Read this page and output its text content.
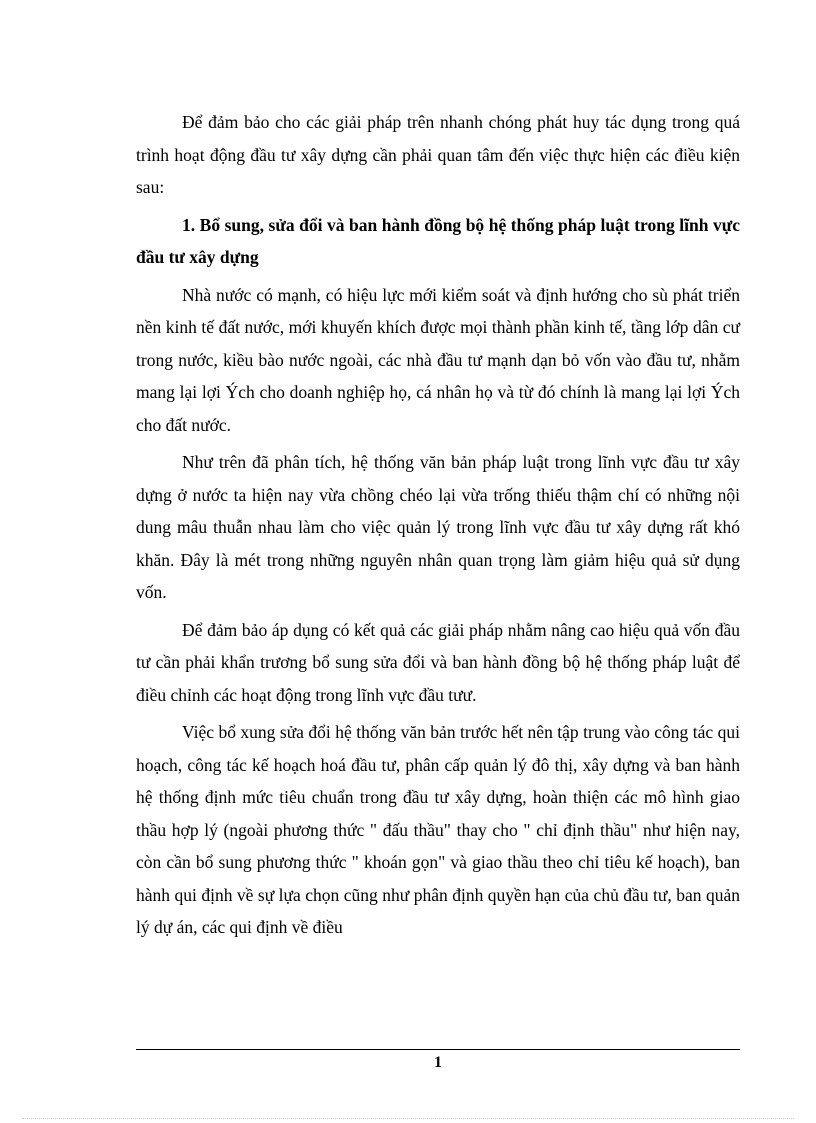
Để đảm bảo cho các giải pháp trên nhanh chóng phát huy tác dụng trong quá trình hoạt động đầu tư xây dựng cần phải quan tâm đến việc thực hiện các điều kiện sau:

1. Bổ sung, sửa đổi và ban hành đồng bộ hệ thống pháp luật trong lĩnh vực đầu tư xây dựng

Nhà nước có mạnh, có hiệu lực mới kiểm soát và định hướng cho sù phát triển nền kinh tế đất nước, mới khuyến khích được mọi thành phần kinh tế, tầng lớp dân cư trong nước, kiều bào nước ngoài, các nhà đầu tư mạnh dạn bỏ vốn vào đầu tư, nhằm mang lại lợi Ých cho doanh nghiệp họ, cá nhân họ và từ đó chính là mang lại lợi Ých cho đất nước.

Như trên đã phân tích, hệ thống văn bản pháp luật trong lĩnh vực đầu tư xây dựng ở nước ta hiện nay vừa chồng chéo lại vừa trống thiếu thậm chí có những nội dung mâu thuẫn nhau làm cho việc quản lý trong lĩnh vực đầu tư xây dựng rất khó khăn. Đây là mét trong những nguyên nhân quan trọng làm giảm hiệu quả sử dụng vốn.

Để đảm bảo áp dụng có kết quả các giải pháp nhằm nâng cao hiệu quả vốn đầu tư cần phải khẩn trương bổ sung sửa đổi và ban hành đồng bộ hệ thống pháp luật để điều chỉnh các hoạt động trong lĩnh vực đầu tưư.

Việc bổ xung sửa đổi hệ thống văn bản trước hết nên tập trung vào công tác qui hoạch, công tác kế hoạch hoá đầu tư, phân cấp quản lý đô thị, xây dựng và ban hành hệ thống định mức tiêu chuẩn trong đầu tư xây dựng, hoàn thiện các mô hình giao thầu hợp lý (ngoài phương thức " đấu thầu" thay cho " chỉ định thầu" như hiện nay, còn cần bổ sung phương thức " khoán gọn" và giao thầu theo chỉ tiêu kế hoạch), ban hành qui định về sự lựa chọn cũng như phân định quyền hạn của chủ đầu tư, ban quản lý dự án, các qui định về điều

1
